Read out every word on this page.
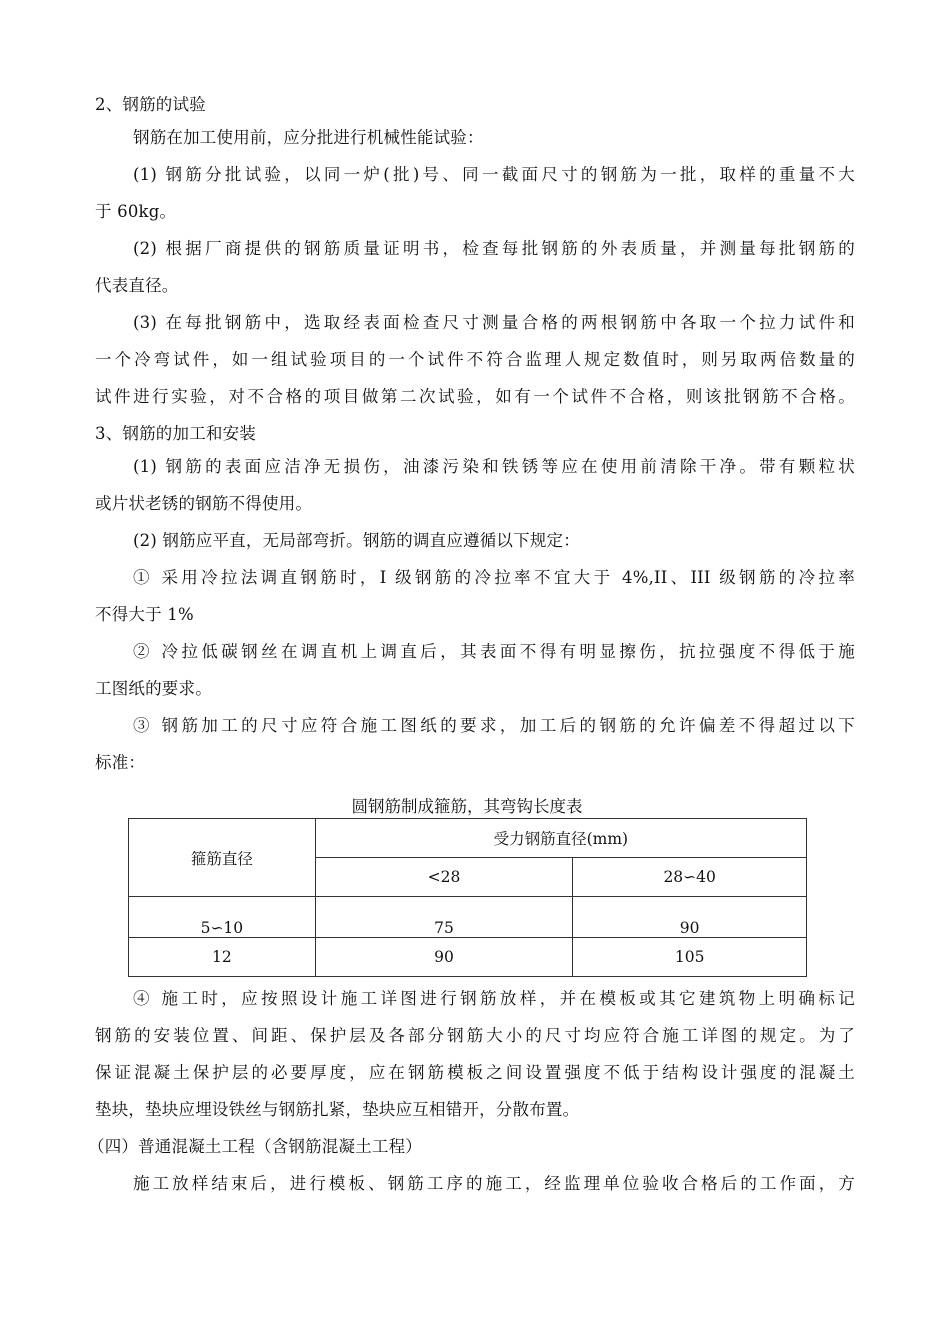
2、钢筋的试验
钢筋在加工使用前，应分批进行机械性能试验：
(1) 钢筋分批试验，以同一炉(批)号、同一截面尺寸的钢筋为一批，取样的重量不大
于 60kg。
(2) 根据厂商提供的钢筋质量证明书，检查每批钢筋的外表质量，并测量每批钢筋的
代表直径。
(3) 在每批钢筋中，选取经表面检查尺寸测量合格的两根钢筋中各取一个拉力试件和
一个冷弯试件，如一组试验项目的一个试件不符合监理人规定数值时，则另取两倍数量的
试件进行实验，对不合格的项目做第二次试验，如有一个试件不合格，则该批钢筋不合格。
3、钢筋的加工和安装
(1) 钢筋的表面应洁净无损伤，油漆污染和铁锈等应在使用前清除干净。带有颗粒状
或片状老锈的钢筋不得使用。
(2) 钢筋应平直，无局部弯折。钢筋的调直应遵循以下规定：
① 采用冷拉法调直钢筋时，I 级钢筋的冷拉率不宜大于 4%,II、III 级钢筋的冷拉率
不得大于 1%
② 冷拉低碳钢丝在调直机上调直后，其表面不得有明显擦伤，抗拉强度不得低于施
工图纸的要求。
③ 钢筋加工的尺寸应符合施工图纸的要求，加工后的钢筋的允许偏差不得超过以下
标准：
圆钢筋制成箍筋，其弯钩长度表
箍筋直径	受力钢筋直径(mm)	
	<28	28∽40
5∽10	75	90
12	90	105
④ 施工时，应按照设计施工详图进行钢筋放样，并在模板或其它建筑物上明确标记
钢筋的安装位置、间距、保护层及各部分钢筋大小的尺寸均应符合施工详图的规定。为了
保证混凝土保护层的必要厚度，应在钢筋模板之间设置强度不低于结构设计强度的混凝土
垫块，垫块应埋设铁丝与钢筋扎紧，垫块应互相错开，分散布置。
（四）普通混凝土工程（含钢筋混凝土工程）
施工放样结束后，进行模板、钢筋工序的施工，经监理单位验收合格后的工作面，方
